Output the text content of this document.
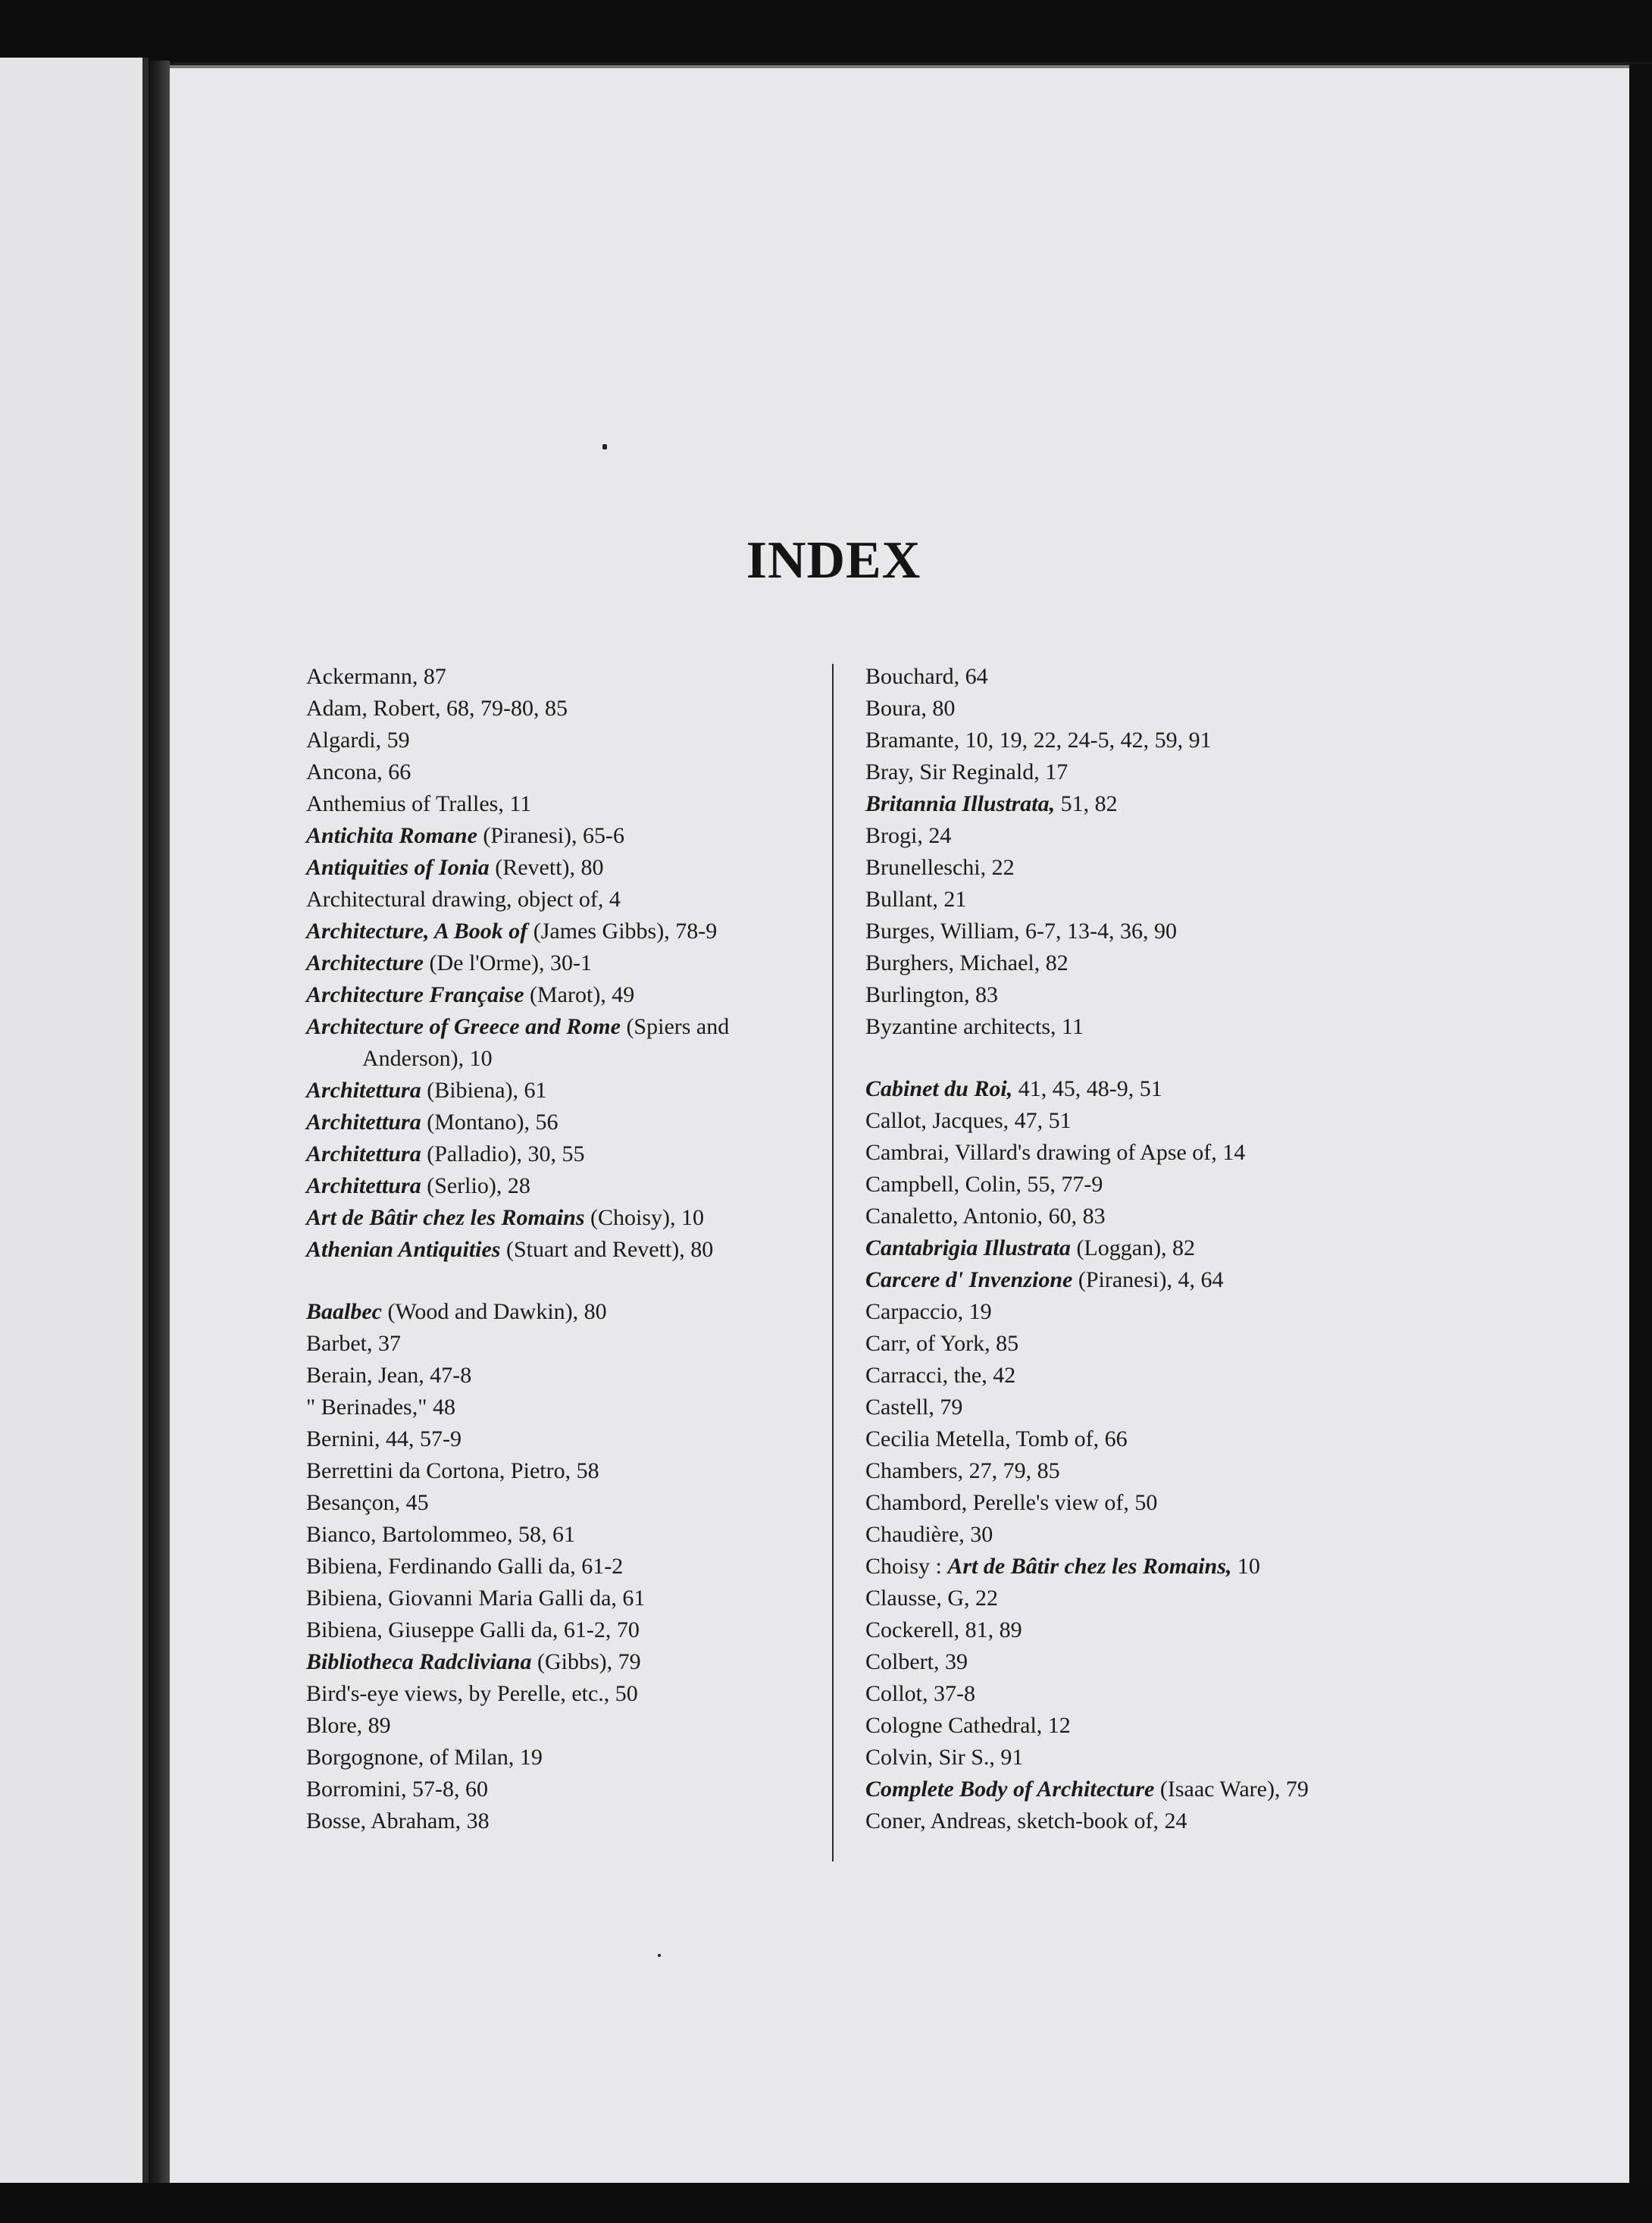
INDEX
Ackermann, 87
Adam, Robert, 68, 79-80, 85
Algardi, 59
Ancona, 66
Anthemius of Tralles, 11
Antichita Romane (Piranesi), 65-6
Antiquities of Ionia (Revett), 80
Architectural drawing, object of, 4
Architecture, A Book of (James Gibbs), 78-9
Architecture (De l'Orme), 30-1
Architecture Française (Marot), 49
Architecture of Greece and Rome (Spiers and Anderson), 10
Architettura (Bibiena), 61
Architettura (Montano), 56
Architettura (Palladio), 30, 55
Architettura (Serlio), 28
Art de Bâtir chez les Romains (Choisy), 10
Athenian Antiquities (Stuart and Revett), 80
Baalbec (Wood and Dawkin), 80
Barbet, 37
Berain, Jean, 47-8
" Berinades," 48
Bernini, 44, 57-9
Berrettini da Cortona, Pietro, 58
Besançon, 45
Bianco, Bartolommeo, 58, 61
Bibiena, Ferdinando Galli da, 61-2
Bibiena, Giovanni Maria Galli da, 61
Bibiena, Giuseppe Galli da, 61-2, 70
Bibliotheca Radcliviana (Gibbs), 79
Bird's-eye views, by Perelle, etc., 50
Blore, 89
Borgognone, of Milan, 19
Borromini, 57-8, 60
Bosse, Abraham, 38
Bouchard, 64
Boura, 80
Bramante, 10, 19, 22, 24-5, 42, 59, 91
Bray, Sir Reginald, 17
Britannia Illustrata, 51, 82
Brogi, 24
Brunelleschi, 22
Bullant, 21
Burges, William, 6-7, 13-4, 36, 90
Burghers, Michael, 82
Burlington, 83
Byzantine architects, 11
Cabinet du Roi, 41, 45, 48-9, 51
Callot, Jacques, 47, 51
Cambrai, Villard's drawing of Apse of, 14
Campbell, Colin, 55, 77-9
Canaletto, Antonio, 60, 83
Cantabrigia Illustrata (Loggan), 82
Carcere d' Invenzione (Piranesi), 4, 64
Carpaccio, 19
Carr, of York, 85
Carracci, the, 42
Castell, 79
Cecilia Metella, Tomb of, 66
Chambers, 27, 79, 85
Chambord, Perelle's view of, 50
Chaudière, 30
Choisy : Art de Bâtir chez les Romains, 10
Clausse, G, 22
Cockerell, 81, 89
Colbert, 39
Collot, 37-8
Cologne Cathedral, 12
Colvin, Sir S., 91
Complete Body of Architecture (Isaac Ware), 79
Coner, Andreas, sketch-book of, 24
